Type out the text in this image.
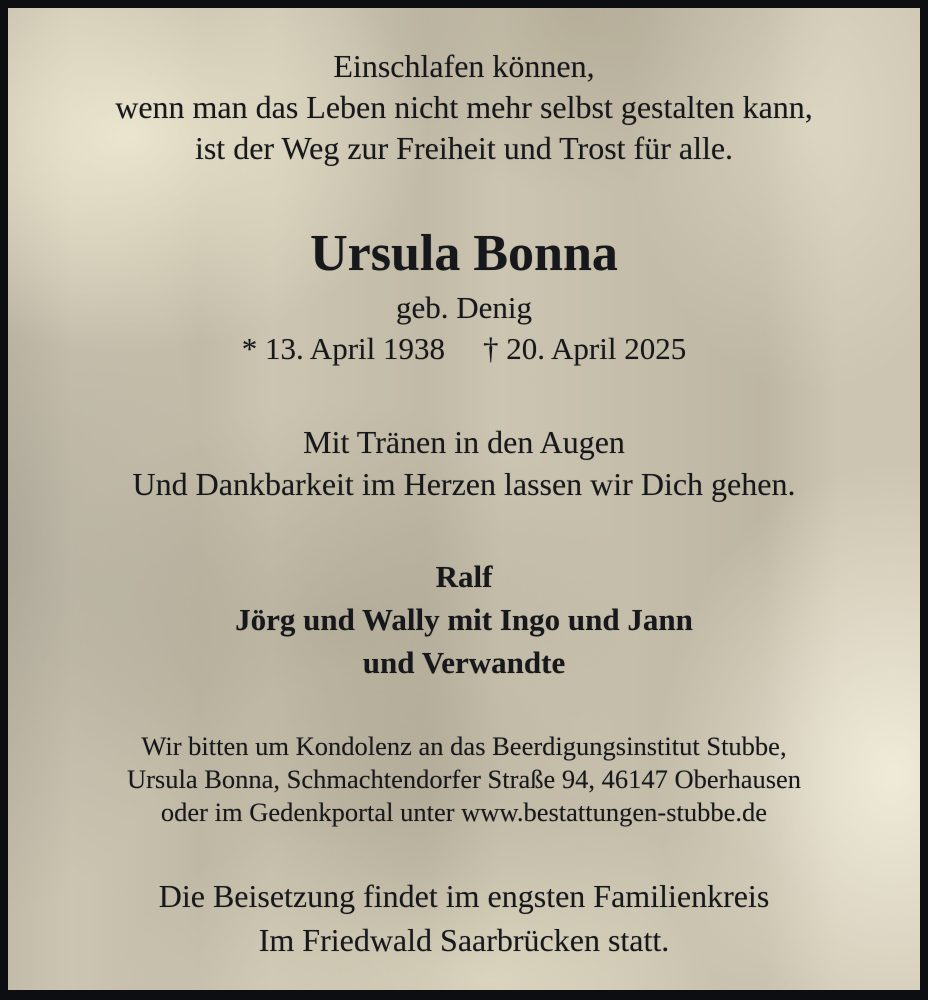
Einschlafen können,
wenn man das Leben nicht mehr selbst gestalten kann,
ist der Weg zur Freiheit und Trost für alle.
Ursula Bonna
geb. Denig
* 13. April 1938 † 20. April 2025
Mit Tränen in den Augen
Und Dankbarkeit im Herzen lassen wir Dich gehen.
Ralf
Jörg und Wally mit Ingo und Jann
und Verwandte
Wir bitten um Kondolenz an das Beerdigungsinstitut Stubbe,
Ursula Bonna, Schmachtendorfer Straße 94, 46147 Oberhausen
oder im Gedenkportal unter www.bestattungen-stubbe.de
Die Beisetzung findet im engsten Familienkreis
Im Friedwald Saarbrücken statt.
